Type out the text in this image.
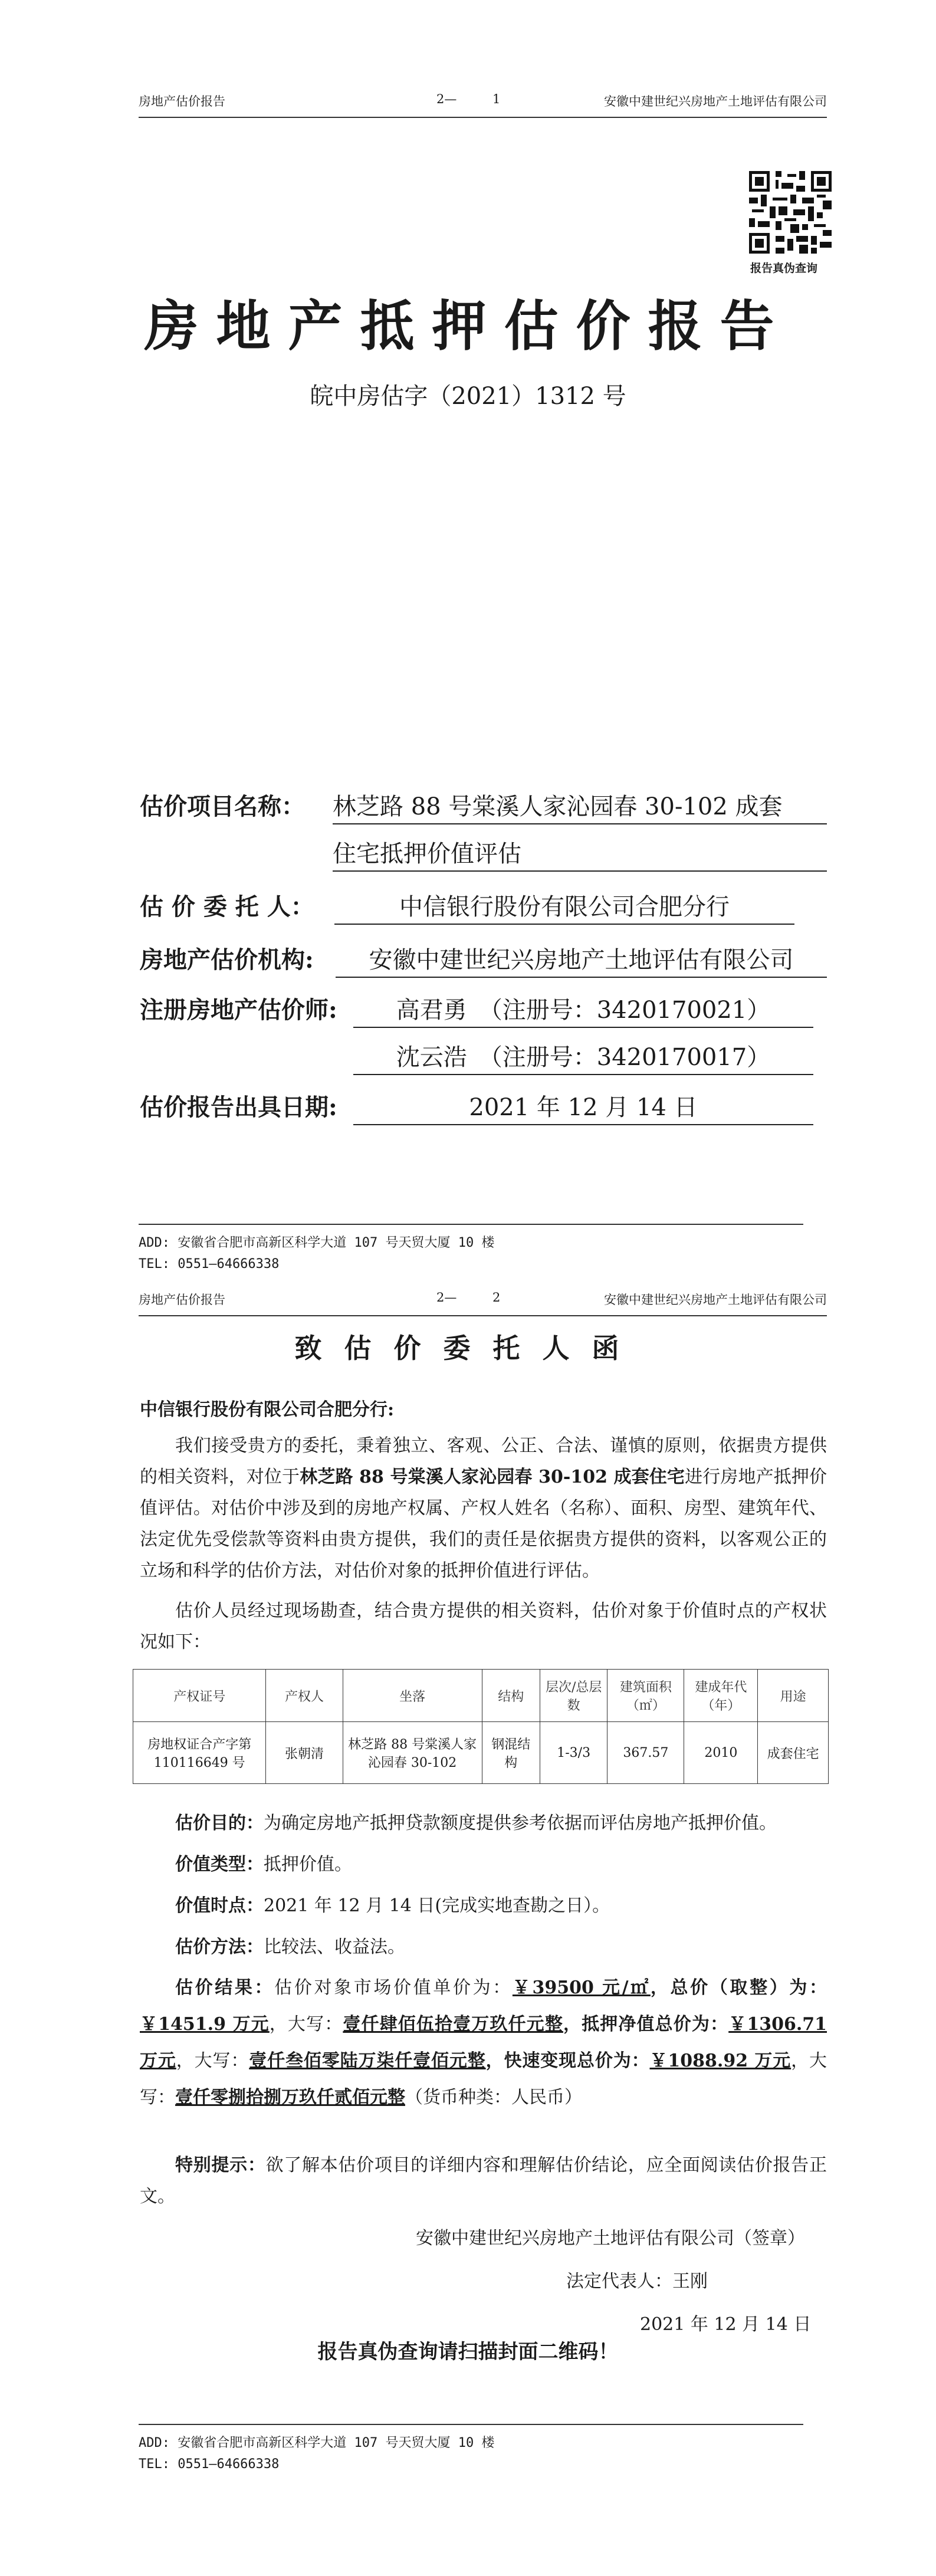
房地产估价报告	2—	1	安徽中建世纪兴房地产土地评估有限公司
报告真伪查询
房地产抵押估价报告
皖中房估字（2021）1312 号
估价项目名称： 林芝路 88 号棠溪人家沁园春 30-102 成套
住宅抵押价值评估
估 价 委 托 人：	中信银行股份有限公司合肥分行
房地产估价机构:	安徽中建世纪兴房地产土地评估有限公司
注册房地产估价师:	高君勇　（注册号：3420170021）
沈云浩　（注册号：3420170017）
估价报告出具日期:	2021 年 12 月 14 日
ADD: 安徽省合肥市高新区科学大道 107 号天贸大厦 10 楼
TEL: 0551—64666338
房地产估价报告	2—	2	安徽中建世纪兴房地产土地评估有限公司
致估价委托人函
中信银行股份有限公司合肥分行:
我们接受贵方的委托，秉着独立、客观、公正、合法、谨慎的原则，依据贵方提供的相关资料，对位于林芝路 88 号棠溪人家沁园春 30-102 成套住宅进行房地产抵押价值评估。对估价中涉及到的房地产权属、产权人姓名（名称）、面积、房型、建筑年代、法定优先受偿款等资料由贵方提供，我们的责任是依据贵方提供的资料，以客观公正的立场和科学的估价方法，对估价对象的抵押价值进行评估。
估价人员经过现场勘查，结合贵方提供的相关资料，估价对象于价值时点的产权状况如下：
产权证号	产权人	坐落	结构	层次/总层数	建筑面积（㎡）	建成年代（年）	用途
房地权证合产字第110116649 号	张朝清	林芝路 88 号棠溪人家沁园春 30-102	钢混结构	1-3/3	367.57	2010	成套住宅
估价目的：为确定房地产抵押贷款额度提供参考依据而评估房地产抵押价值。
价值类型：抵押价值。
价值时点：2021 年 12 月 14 日(完成实地查勘之日）。
估价方法：比较法、收益法。
估价结果：估价对象市场价值单价为：￥39500 元/㎡，总价（取整）为：￥1451.9 万元，大写：壹仟肆佰伍拾壹万玖仟元整，抵押净值总价为：￥1306.71 万元，大写：壹仟叁佰零陆万柒仟壹佰元整，快速变现总价为：￥1088.92 万元，大写：壹仟零捌拾捌万玖仟贰佰元整（货币种类：人民币）
特别提示：欲了解本估价项目的详细内容和理解估价结论，应全面阅读估价报告正文。
安徽中建世纪兴房地产土地评估有限公司（签章）
法定代表人：王刚
2021 年 12 月 14 日
报告真伪查询请扫描封面二维码！
ADD: 安徽省合肥市高新区科学大道 107 号天贸大厦 10 楼
TEL: 0551—64666338
